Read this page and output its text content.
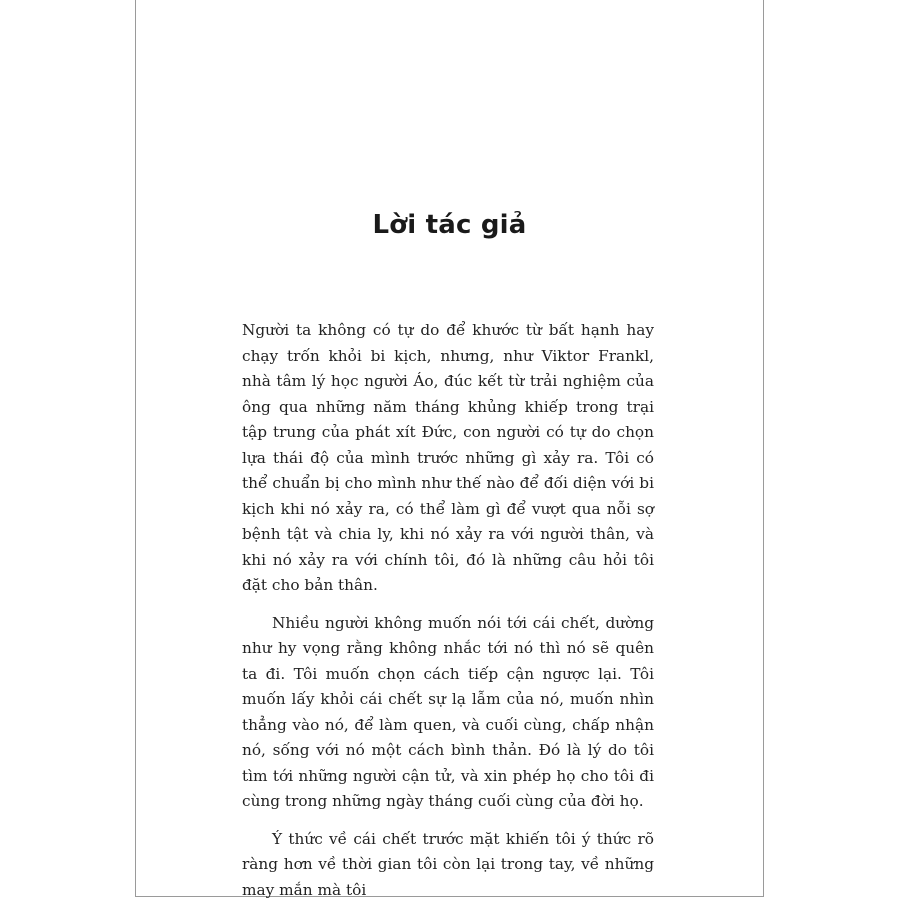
Lời tác giả

Người ta không có tự do để khước từ bất hạnh hay chạy trốn khỏi bi kịch, nhưng, như Viktor Frankl, nhà tâm lý học người Áo, đúc kết từ trải nghiệm của ông qua những năm tháng khủng khiếp trong trại tập trung của phát xít Đức, con người có tự do chọn lựa thái độ của mình trước những gì xảy ra. Tôi có thể chuẩn bị cho mình như thế nào để đối diện với bi kịch khi nó xảy ra, có thể làm gì để vượt qua nỗi sợ bệnh tật và chia ly, khi nó xảy ra với người thân, và khi nó xảy ra với chính tôi, đó là những câu hỏi tôi đặt cho bản thân.

Nhiều người không muốn nói tới cái chết, dường như hy vọng rằng không nhắc tới nó thì nó sẽ quên ta đi. Tôi muốn chọn cách tiếp cận ngược lại. Tôi muốn lấy khỏi cái chết sự lạ lẫm của nó, muốn nhìn thẳng vào nó, để làm quen, và cuối cùng, chấp nhận nó, sống với nó một cách bình thản. Đó là lý do tôi tìm tới những người cận tử, và xin phép họ cho tôi đi cùng trong những ngày tháng cuối cùng của đời họ.

Ý thức về cái chết trước mặt khiến tôi ý thức rõ ràng hơn về thời gian tôi còn lại trong tay, về những may mắn mà tôi
